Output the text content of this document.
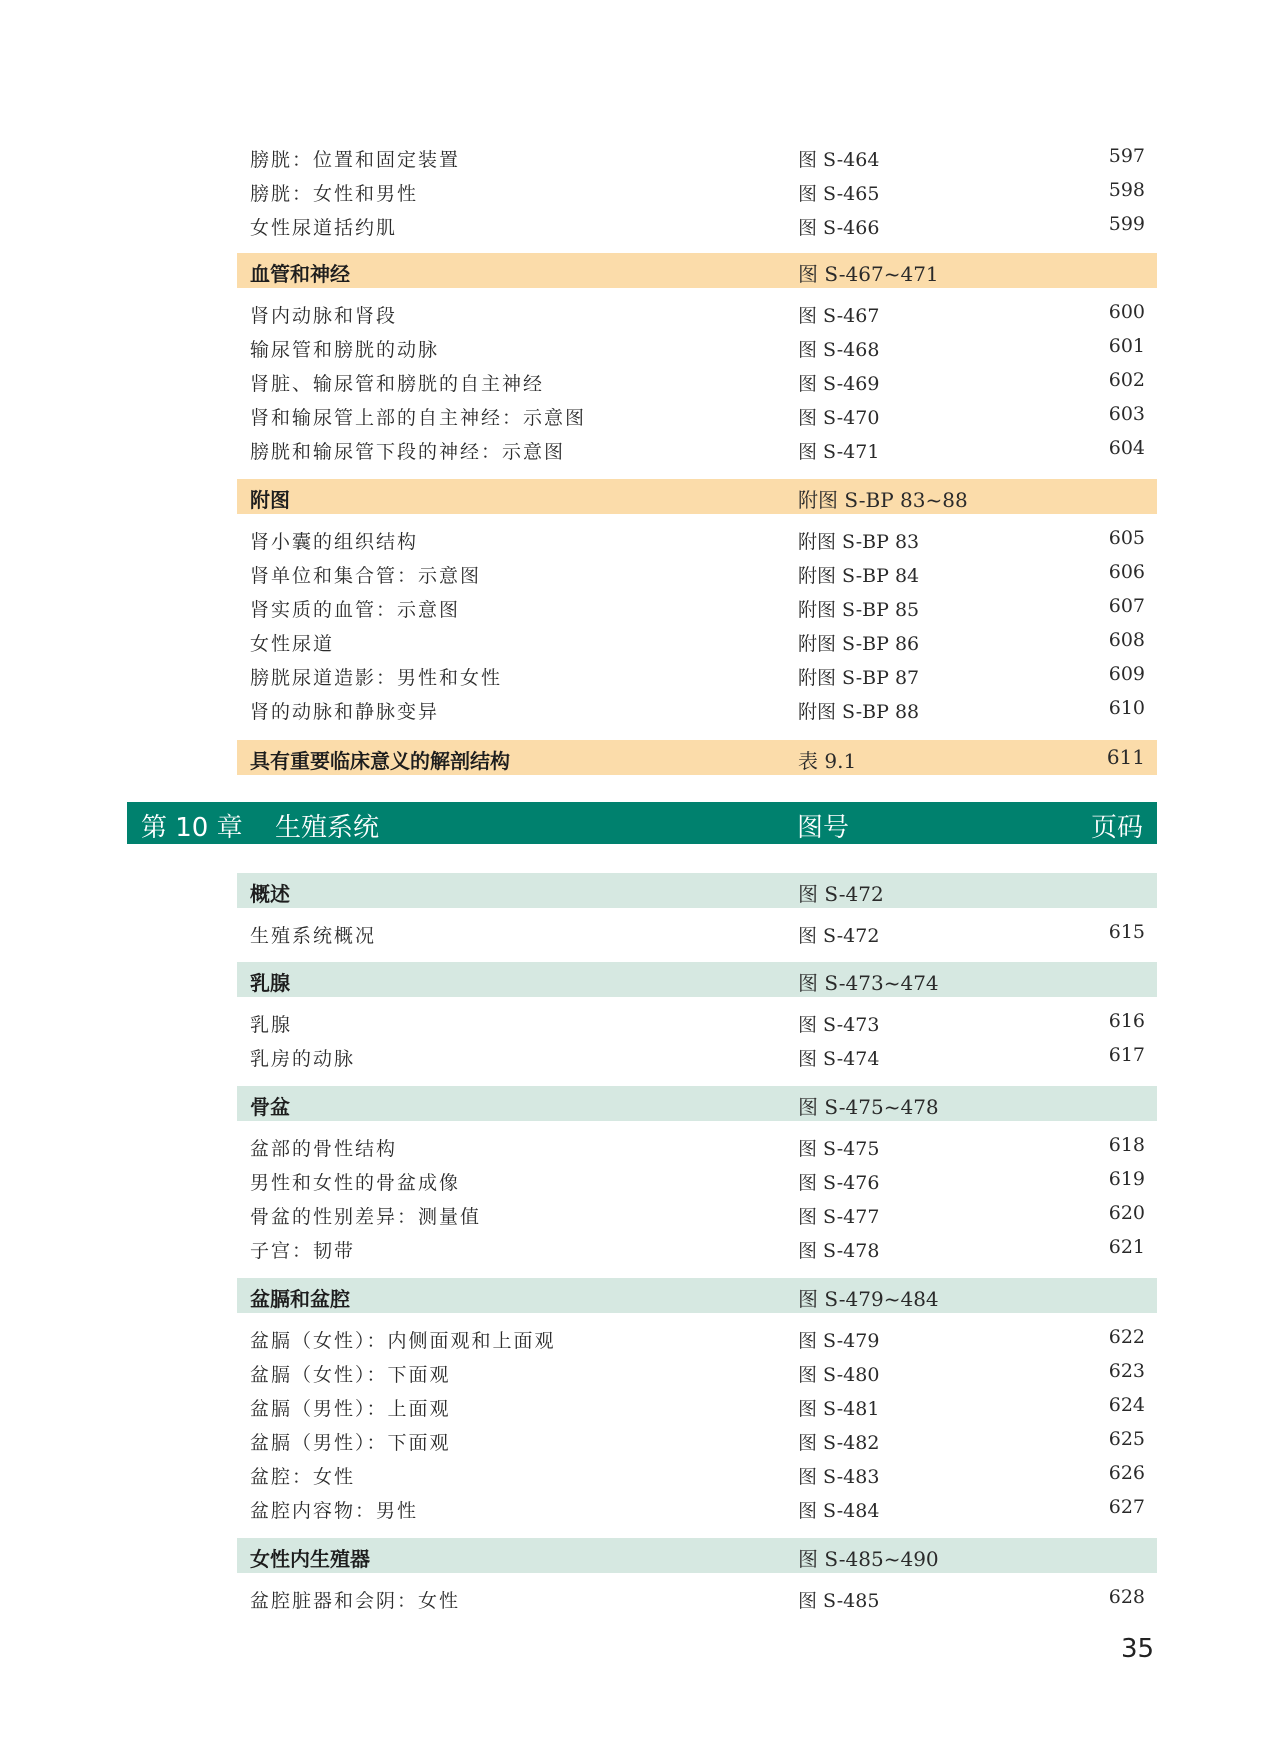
膀胱：位置和固定装置	图 S-464	597
膀胱：女性和男性	图 S-465	598
女性尿道括约肌	图 S-466	599
血管和神经	图 S-467~471
肾内动脉和肾段	图 S-467	600
输尿管和膀胱的动脉	图 S-468	601
肾脏、输尿管和膀胱的自主神经	图 S-469	602
肾和输尿管上部的自主神经：示意图	图 S-470	603
膀胱和输尿管下段的神经：示意图	图 S-471	604
附图	附图 S-BP 83~88
肾小囊的组织结构	附图 S-BP 83	605
肾单位和集合管：示意图	附图 S-BP 84	606
肾实质的血管：示意图	附图 S-BP 85	607
女性尿道	附图 S-BP 86	608
膀胱尿道造影：男性和女性	附图 S-BP 87	609
肾的动脉和静脉变异	附图 S-BP 88	610
具有重要临床意义的解剖结构	表 9.1	611
第 10 章 生殖系统	图号	页码
概述	图 S-472
生殖系统概况	图 S-472	615
乳腺	图 S-473~474
乳腺	图 S-473	616
乳房的动脉	图 S-474	617
骨盆	图 S-475~478
盆部的骨性结构	图 S-475	618
男性和女性的骨盆成像	图 S-476	619
骨盆的性别差异：测量值	图 S-477	620
子宫：韧带	图 S-478	621
盆膈和盆腔	图 S-479~484
盆膈（女性）：内侧面观和上面观	图 S-479	622
盆膈（女性）：下面观	图 S-480	623
盆膈（男性）：上面观	图 S-481	624
盆膈（男性）：下面观	图 S-482	625
盆腔：女性	图 S-483	626
盆腔内容物：男性	图 S-484	627
女性内生殖器	图 S-485~490
盆腔脏器和会阴：女性	图 S-485	628
35
